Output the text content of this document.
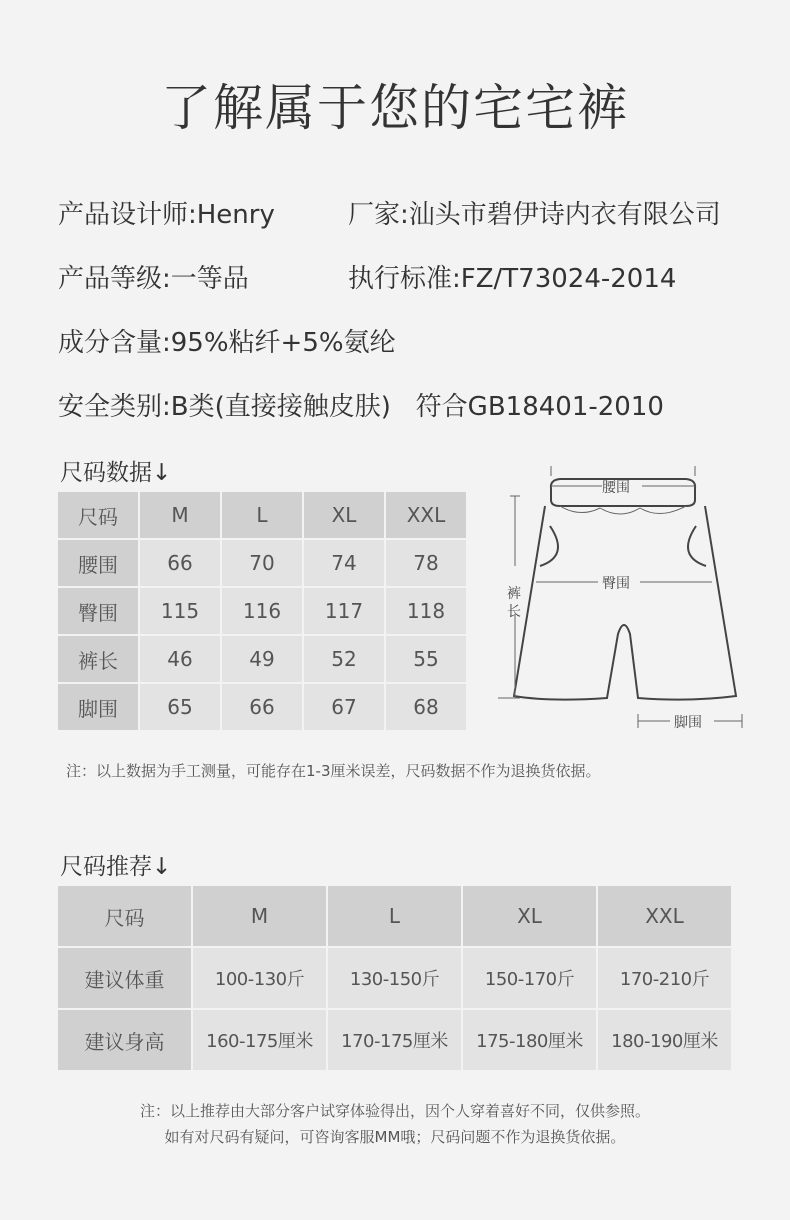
了解属于您的宅宅裤
产品设计师:Henry	厂家:汕头市碧伊诗内衣有限公司
产品等级:一等品	执行标准:FZ/T73024-2014
成分含量:95%粘纤+5%氨纶
安全类别:B类(直接接触皮肤)   符合GB18401-2010
尺码数据↓
尺码	M	L	XL	XXL
腰围	66	70	74	78
臀围	115	116	117	118
裤长	46	49	52	55
脚围	65	66	67	68
腰围
臀围
裤
长
脚围
注：以上数据为手工测量，可能存在1-3厘米误差，尺码数据不作为退换货依据。
尺码推荐↓
尺码	M	L	XL	XXL
建议体重	100-130斤	130-150斤	150-170斤	170-210斤
建议身高	160-175厘米	170-175厘米	175-180厘米	180-190厘米
注：以上推荐由大部分客户试穿体验得出，因个人穿着喜好不同，仅供参照。
如有对尺码有疑问，可咨询客服MM哦；尺码问题不作为退换货依据。
